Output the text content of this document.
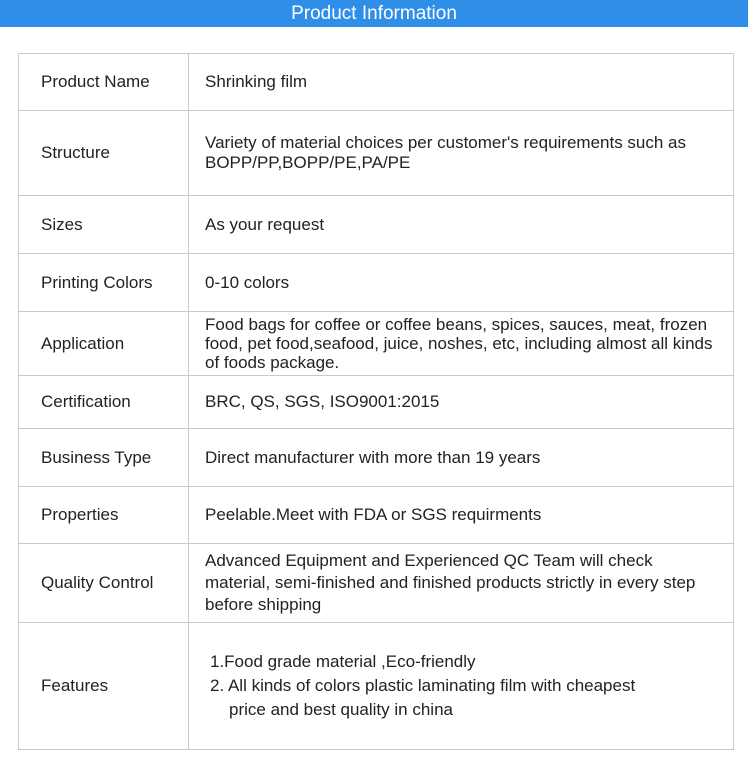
Product Information
Product Name	Shrinking film
Structure	Variety of material choices per customer's requirements such as BOPP/PP,BOPP/PE,PA/PE
Sizes	As your request
Printing Colors	0-10 colors
Application	Food bags for coffee or coffee beans, spices, sauces, meat, frozen food, pet food,seafood, juice, noshes, etc, including almost all kinds of foods package.
Certification	BRC, QS, SGS, ISO9001:2015
Business Type	Direct manufacturer with more than 19 years
Properties	Peelable.Meet with FDA or SGS requirments
Quality Control	Advanced Equipment and Experienced QC Team will check material, semi-finished and finished products strictly in every step before shipping
Features	1.Food grade material ,Eco-friendly
2. All kinds of colors plastic laminating film with cheapest
price and best quality in china
